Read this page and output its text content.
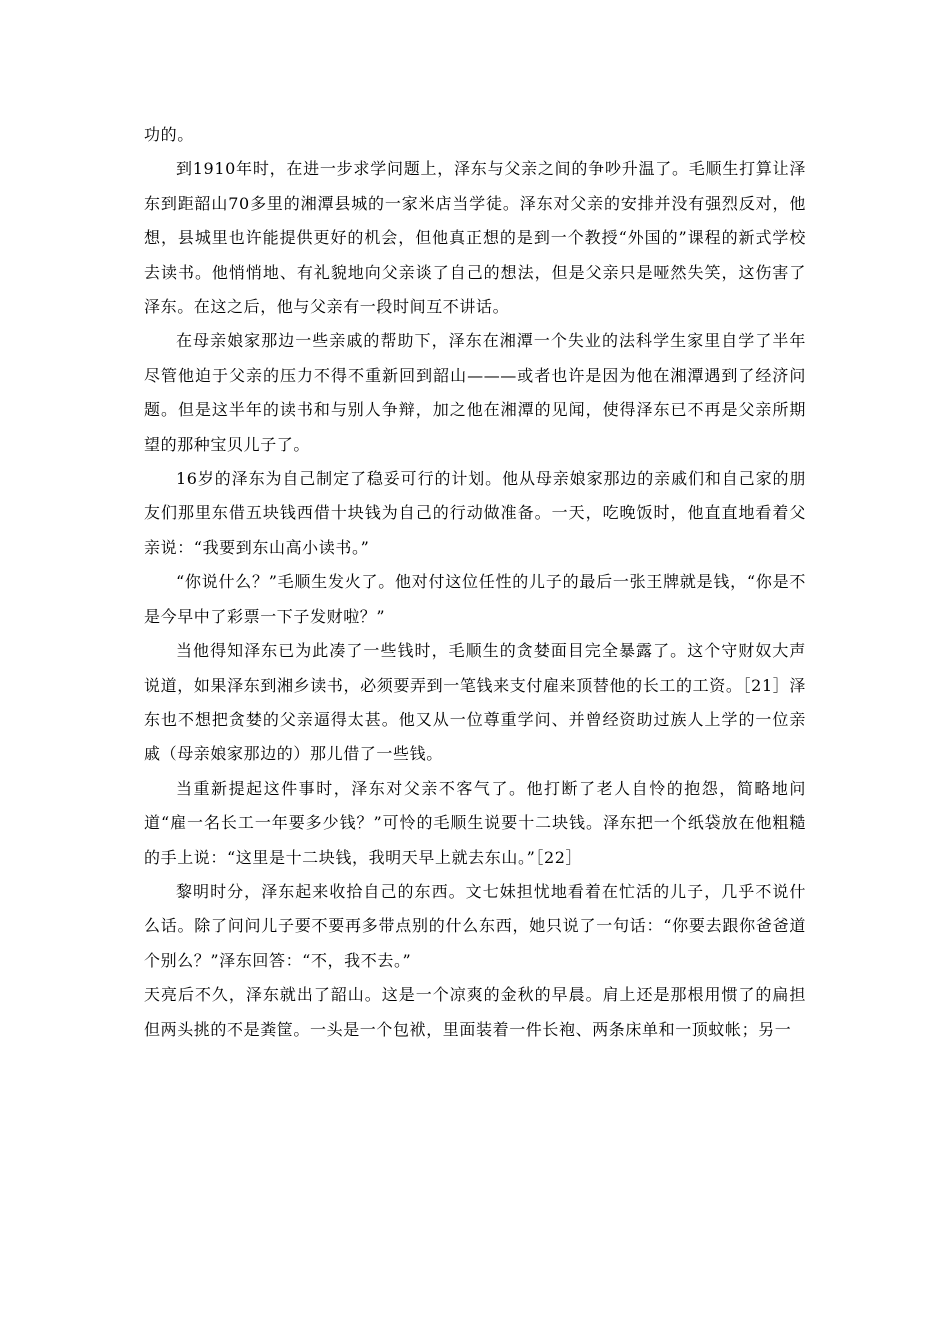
功的。

到1910年时，在进一步求学问题上，泽东与父亲之间的争吵升温了。毛顺生打算让泽东到距韶山70多里的湘潭县城的一家米店当学徒。泽东对父亲的安排并没有强烈反对，他想，县城里也许能提供更好的机会，但他真正想的是到一个教授“外国的”课程的新式学校去读书。他悄悄地、有礼貌地向父亲谈了自己的想法，但是父亲只是哑然失笑，这伤害了泽东。在这之后，他与父亲有一段时间互不讲话。

在母亲娘家那边一些亲戚的帮助下，泽东在湘潭一个失业的法科学生家里自学了半年尽管他迫于父亲的压力不得不重新回到韶山———或者也许是因为他在湘潭遇到了经济问题。但是这半年的读书和与别人争辩，加之他在湘潭的见闻，使得泽东已不再是父亲所期望的那种宝贝儿子了。

16岁的泽东为自己制定了稳妥可行的计划。他从母亲娘家那边的亲戚们和自己家的朋友们那里东借五块钱西借十块钱为自己的行动做准备。一天，吃晚饭时，他直直地看着父亲说：“我要到东山高小读书。”

“你说什么？”毛顺生发火了。他对付这位任性的儿子的最后一张王牌就是钱，“你是不是今早中了彩票一下子发财啦？”

当他得知泽东已为此凑了一些钱时，毛顺生的贪婪面目完全暴露了。这个守财奴大声说道，如果泽东到湘乡读书，必须要弄到一笔钱来支付雇来顶替他的长工的工资。［21］泽东也不想把贪婪的父亲逼得太甚。他又从一位尊重学问、并曾经资助过族人上学的一位亲戚（母亲娘家那边的）那儿借了一些钱。

当重新提起这件事时，泽东对父亲不客气了。他打断了老人自怜的抱怨，简略地问道“雇一名长工一年要多少钱？”可怜的毛顺生说要十二块钱。泽东把一个纸袋放在他粗糙的手上说：“这里是十二块钱，我明天早上就去东山。”［22］

黎明时分，泽东起来收拾自己的东西。文七妹担忧地看着在忙活的儿子，几乎不说什么话。除了问问儿子要不要再多带点别的什么东西，她只说了一句话：“你要去跟你爸爸道个别么？”泽东回答：“不，我不去。”

天亮后不久，泽东就出了韶山。这是一个凉爽的金秋的早晨。肩上还是那根用惯了的扁担但两头挑的不是粪筐。一头是一个包袱，里面装着一件长袍、两条床单和一顶蚊帐；另一
